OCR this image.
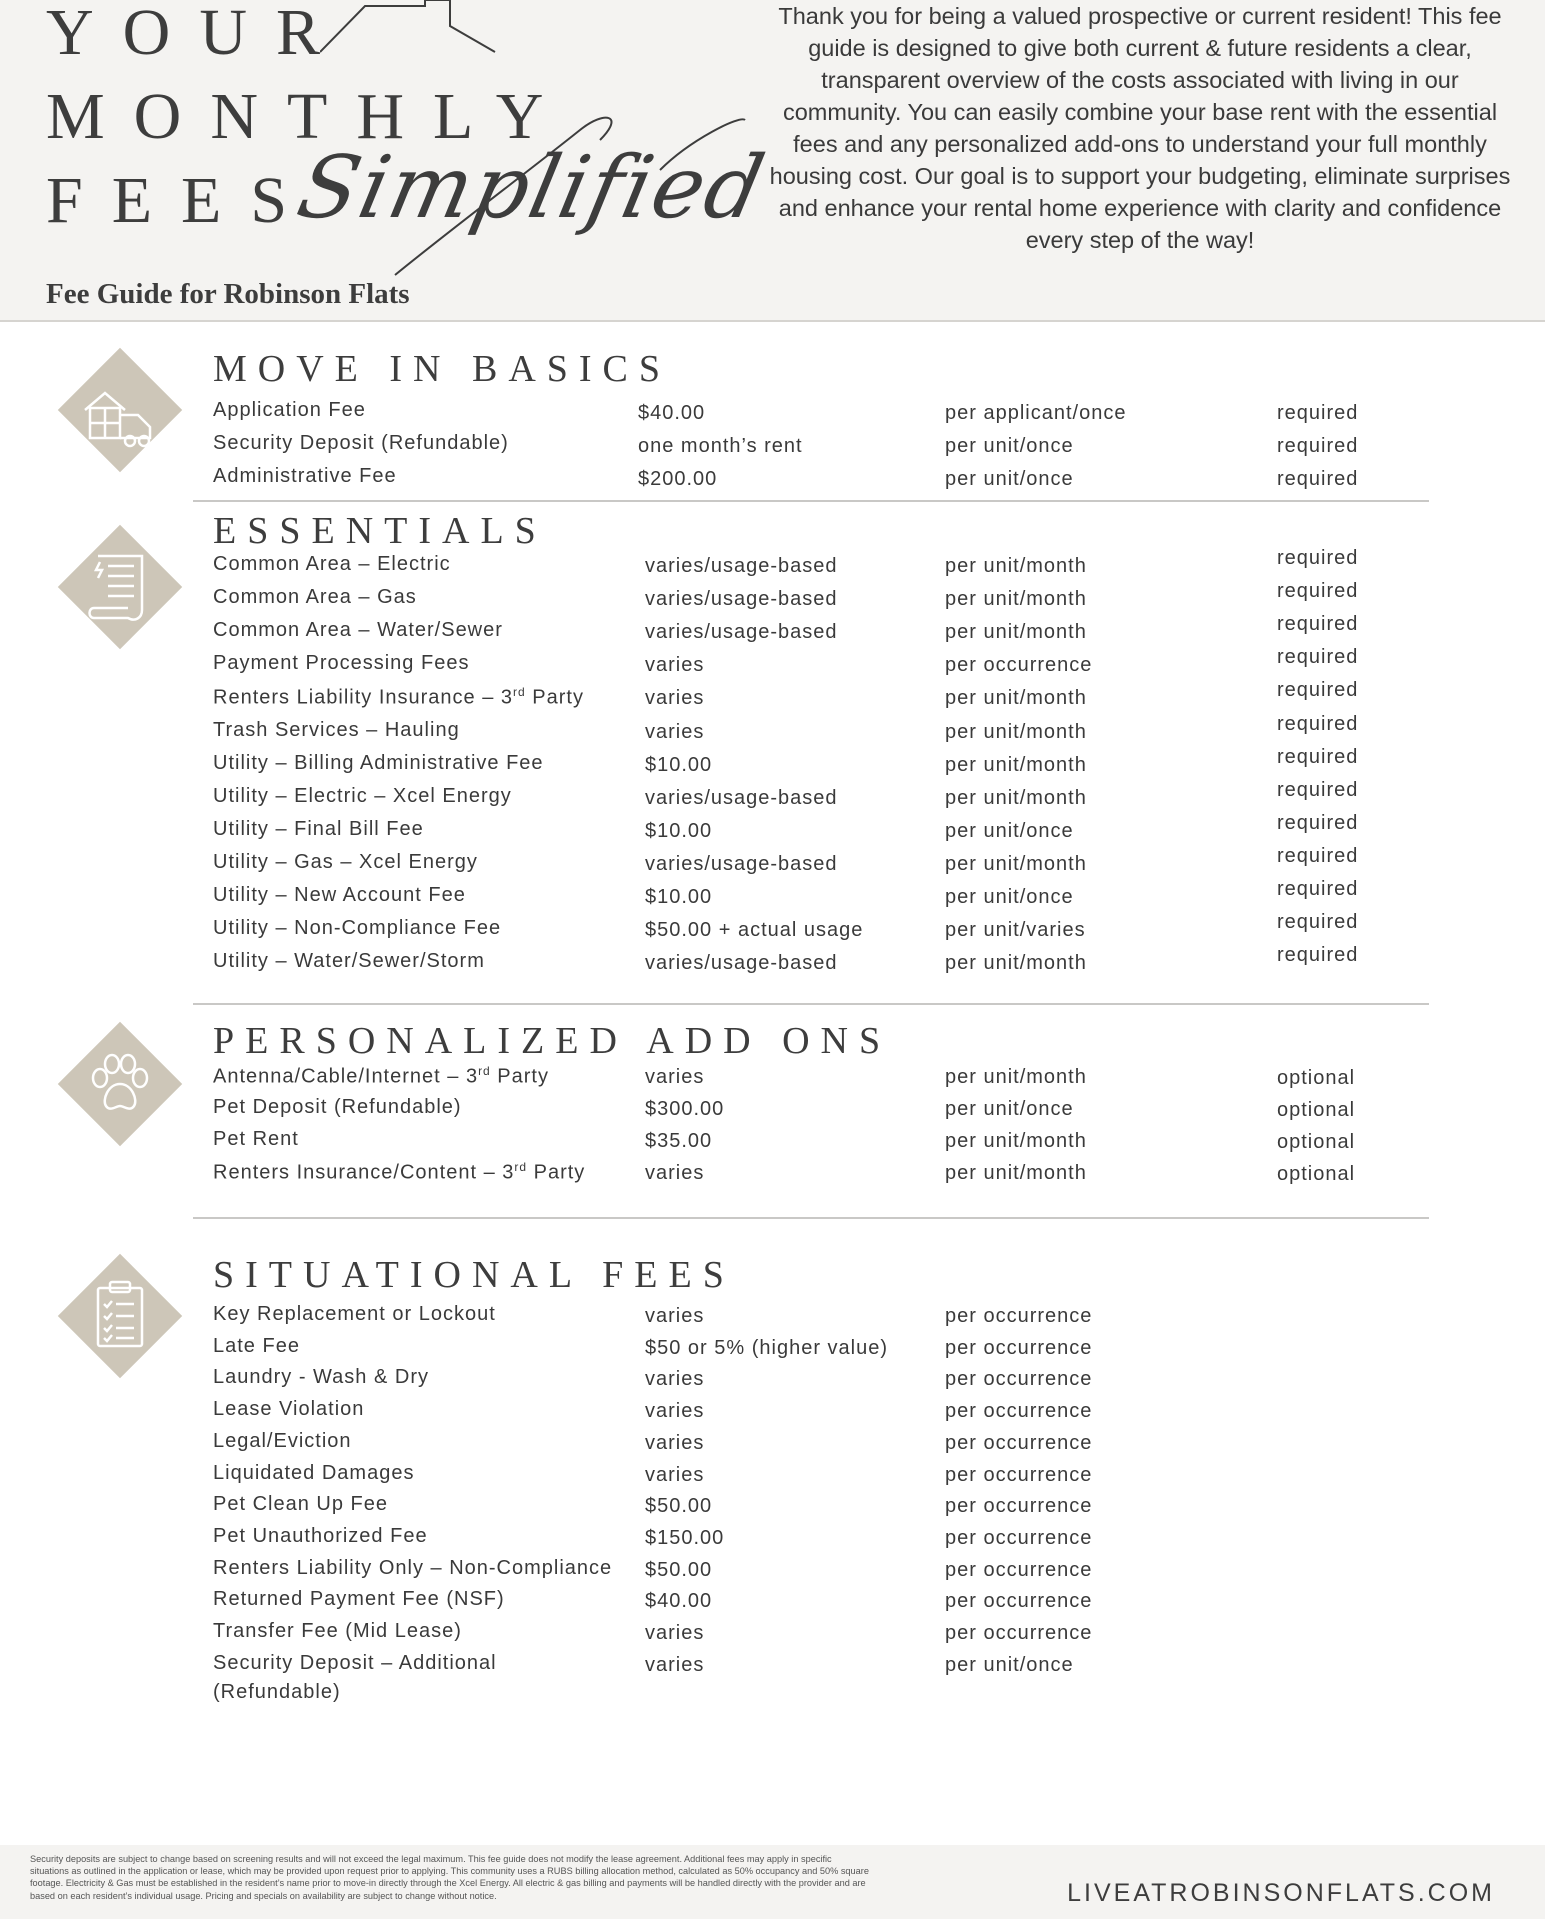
YOUR
MONTHLY
FEES
Simplified
Fee Guide for Robinson Flats

Thank you for being a valued prospective or current resident! This fee guide is designed to give both current & future residents a clear, transparent overview of the costs associated with living in our community. You can easily combine your base rent with the essential fees and any personalized add-ons to understand your full monthly housing cost. Our goal is to support your budgeting, eliminate surprises and enhance your rental home experience with clarity and confidence every step of the way!

MOVE IN BASICS
Application Fee	$40.00	per applicant/once	required
Security Deposit (Refundable)	one month’s rent	per unit/once	required
Administrative Fee	$200.00	per unit/once	required
ESSENTIALS
Common Area – Electric	varies/usage-based	per unit/month	required
Common Area – Gas	varies/usage-based	per unit/month	required
Common Area – Water/Sewer	varies/usage-based	per unit/month	required
Payment Processing Fees	varies	per occurrence	required
Renters Liability Insurance – 3rd Party	varies	per unit/month	required
Trash Services – Hauling	varies	per unit/month	required
Utility – Billing Administrative Fee	$10.00	per unit/month	required
Utility – Electric – Xcel Energy	varies/usage-based	per unit/month	required
Utility – Final Bill Fee	$10.00	per unit/once	required
Utility – Gas – Xcel Energy	varies/usage-based	per unit/month	required
Utility – New Account Fee	$10.00	per unit/once	required
Utility – Non-Compliance Fee	$50.00 + actual usage	per unit/varies	required
Utility – Water/Sewer/Storm	varies/usage-based	per unit/month	required
PERSONALIZED ADD ONS
Antenna/Cable/Internet – 3rd Party	varies	per unit/month	optional
Pet Deposit (Refundable)	$300.00	per unit/once	optional
Pet Rent	$35.00	per unit/month	optional
Renters Insurance/Content – 3rd Party	varies	per unit/month	optional
SITUATIONAL FEES
Key Replacement or Lockout	varies	per occurrence
Late Fee	$50 or 5% (higher value)	per occurrence
Laundry - Wash & Dry	varies	per occurrence
Lease Violation	varies	per occurrence
Legal/Eviction	varies	per occurrence
Liquidated Damages	varies	per occurrence
Pet Clean Up Fee	$50.00	per occurrence
Pet Unauthorized Fee	$150.00	per occurrence
Renters Liability Only – Non-Compliance $50.00	per occurrence
Returned Payment Fee (NSF)	$40.00	per occurrence
Transfer Fee (Mid Lease)	varies	per occurrence
Security Deposit – Additional
(Refundable)
varies	per unit/once

Security deposits are subject to change based on screening results and will not exceed the legal maximum. This fee guide does not modify the lease agreement. Additional fees may apply in specific situations as outlined in the application or lease, which may be provided upon request prior to applying. This community uses a RUBS billing allocation method, calculated as 50% occupancy and 50% square footage. Electricity & Gas must be established in the resident’s name prior to move-in directly through the Xcel Energy. All electric & gas billing and payments will be handled directly with the provider and are based on each resident’s individual usage. Pricing and specials on availability are subject to change without notice.	LIVEATROBINSONFLATS.COM
